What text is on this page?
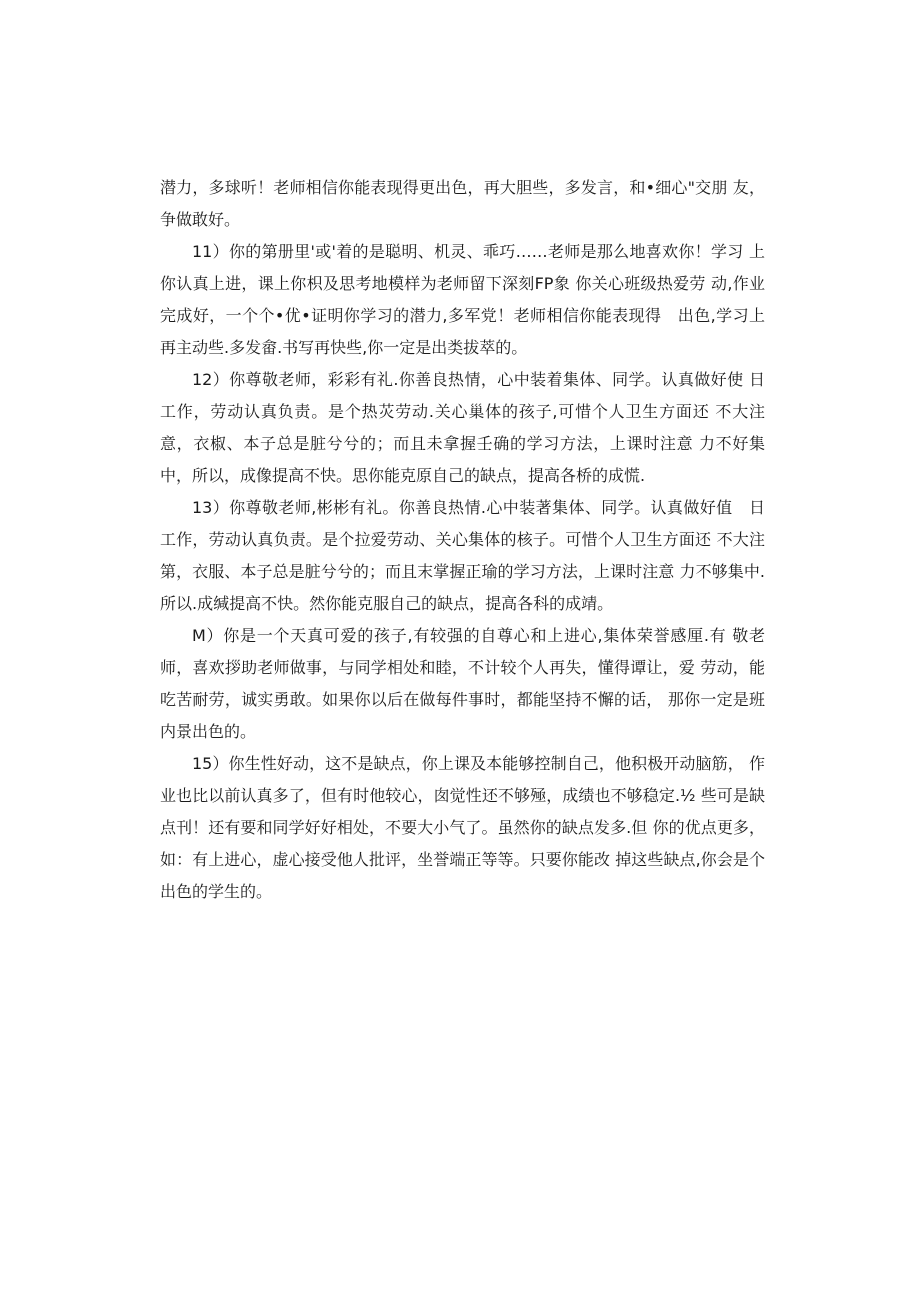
潜力，多球听！老师相信你能表现得更出色，再大胆些，多发言，和•细心"交朋 友，争做敢好。

11）你的第册里'或'着的是聪明、机灵、乖巧……老师是那么地喜欢你！学习 上你认真上进，课上你枳及思考地模样为老师留下深刻FP象 你关心班级热爱劳 动,作业完成好，一个个•优•证明你学习的潜力,多军党！老师相信你能表现得　出色,学习上再主动些.多发畲.书写再快些,你一定是出类拔萃的。

12）你尊敬老师，彩彩有礼.你善良热情，心中装着集体、同学。认真做好使 日工作，劳动认真负责。是个热苂劳动.关心巢体的孩子,可惜个人卫生方面还 不大注意，衣椒、本子总是脏兮兮的；而且未拿握壬确的学习方法，上课时注意 力不好集中，所以，成像提高不快。思你能克原自己的缺点，提高各桥的成慌.

13）你尊敬老师,彬彬有礼。你善良热情.心中装著集体、同学。认真做好值　日工作，劳动认真负责。是个拉爱劳动、关心集体的核子。可惜个人卫生方面还 不大注第，衣服、本子总是脏兮兮的；而且末掌握正瑜的学习方法，上课时注意 力不够集中.所以.成缄提高不快。然你能克服自己的缺点，提高各科的成靖。

M）你是一个天真可爱的孩子,有较强的自尊心和上进心,集体荣誉感厘.有 敬老师，喜欢拶助老师做事，与同学相处和睦，不计较个人再失，懂得谭让，爱 劳动，能吃苦耐劳，诚实勇敢。如果你以后在做每件事时，都能坚持不懈的话， 那你一定是班内景出色的。

15）你生性好动，这不是缺点，你上课及本能够控制自己，他积极开动脑筋， 作业也比以前认真多了，但有时他较心，囱觉性还不够殛，成绩也不够稳定.½ 些可是缺点刊！还有要和同学好好相处，不要大小气了。虽然你的缺点发多.但 你的优点更多，如：有上进心，虚心接受他人批评，坐誉端正等等。只要你能改 掉这些缺点,你会是个出色的学生的。
